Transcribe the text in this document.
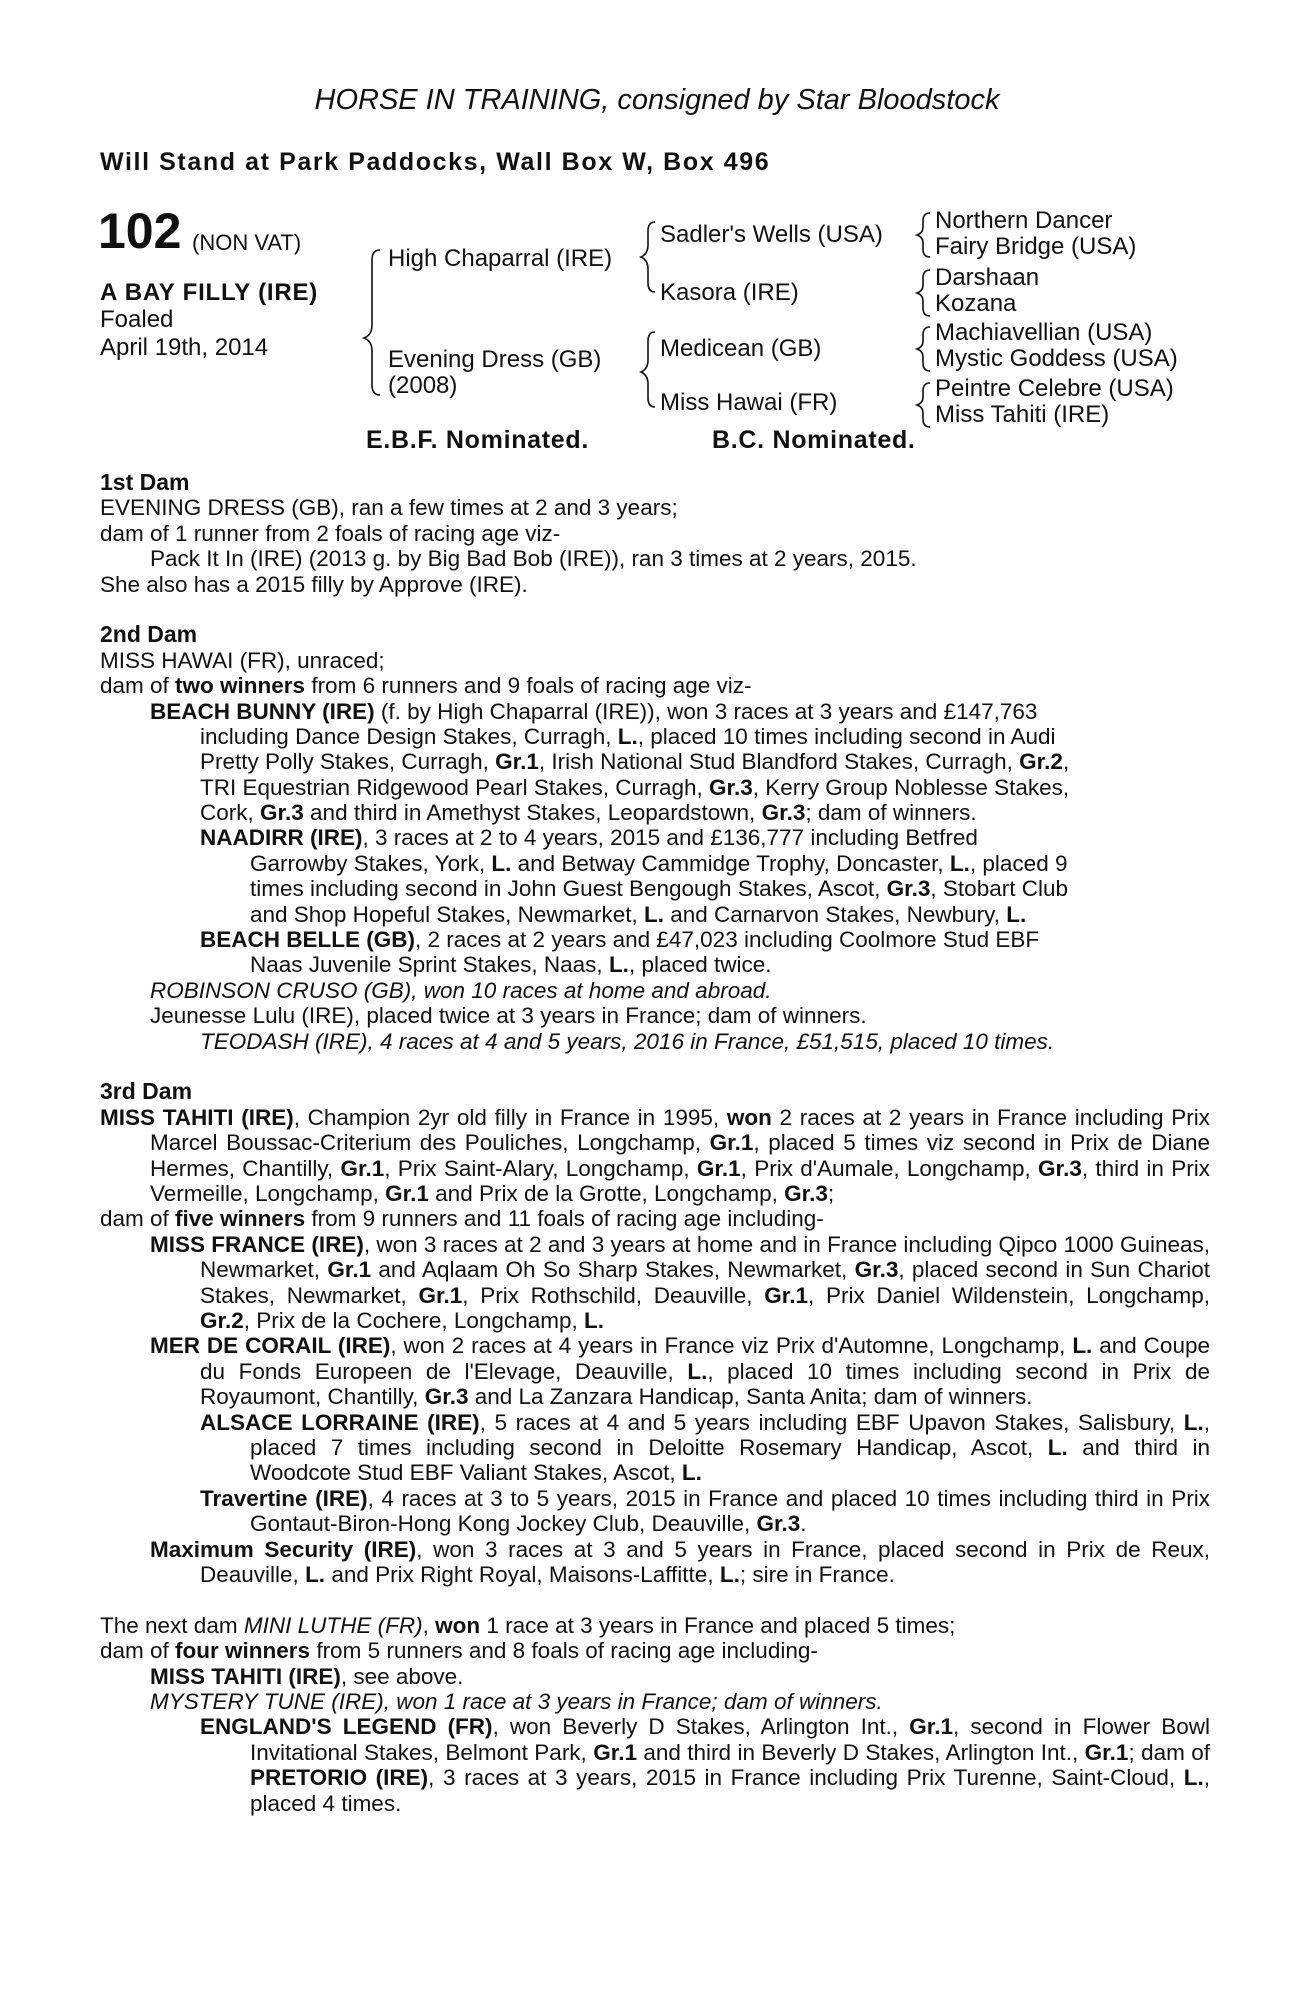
HORSE IN TRAINING, consigned by Star Bloodstock
Will Stand at Park Paddocks, Wall Box W, Box 496
102 (NON VAT)
A BAY FILLY (IRE)
Foaled
April 19th, 2014
High Chaparral (IRE)
Evening Dress (GB)
(2008)
Sadler's Wells (USA)
Kasora (IRE)
Medicean (GB)
Miss Hawai (FR)
Northern Dancer
Fairy Bridge (USA)
Darshaan
Kozana
Machiavellian (USA)
Mystic Goddess (USA)
Peintre Celebre (USA)
Miss Tahiti (IRE)
E.B.F. Nominated.	B.C. Nominated.
1st Dam
EVENING DRESS (GB), ran a few times at 2 and 3 years;
dam of 1 runner from 2 foals of racing age viz-
Pack It In (IRE) (2013 g. by Big Bad Bob (IRE)), ran 3 times at 2 years, 2015.
She also has a 2015 filly by Approve (IRE).
2nd Dam
MISS HAWAI (FR), unraced;
dam of two winners from 6 runners and 9 foals of racing age viz-
BEACH BUNNY (IRE) (f. by High Chaparral (IRE)), won 3 races at 3 years and £147,763
including Dance Design Stakes, Curragh, L., placed 10 times including second in Audi
Pretty Polly Stakes, Curragh, Gr.1, Irish National Stud Blandford Stakes, Curragh, Gr.2,
TRI Equestrian Ridgewood Pearl Stakes, Curragh, Gr.3, Kerry Group Noblesse Stakes,
Cork, Gr.3 and third in Amethyst Stakes, Leopardstown, Gr.3; dam of winners.
NAADIRR (IRE), 3 races at 2 to 4 years, 2015 and £136,777 including Betfred
Garrowby Stakes, York, L. and Betway Cammidge Trophy, Doncaster, L., placed 9
times including second in John Guest Bengough Stakes, Ascot, Gr.3, Stobart Club
and Shop Hopeful Stakes, Newmarket, L. and Carnarvon Stakes, Newbury, L.
BEACH BELLE (GB), 2 races at 2 years and £47,023 including Coolmore Stud EBF
Naas Juvenile Sprint Stakes, Naas, L., placed twice.
ROBINSON CRUSO (GB), won 10 races at home and abroad.
Jeunesse Lulu (IRE), placed twice at 3 years in France; dam of winners.
TEODASH (IRE), 4 races at 4 and 5 years, 2016 in France, £51,515, placed 10 times.
3rd Dam
MISS TAHITI (IRE), Champion 2yr old filly in France in 1995, won 2 races at 2 years in France including Prix Marcel Boussac-Criterium des Pouliches, Longchamp, Gr.1, placed 5 times viz second in Prix de Diane Hermes, Chantilly, Gr.1, Prix Saint-Alary, Longchamp, Gr.1, Prix d'Aumale, Longchamp, Gr.3, third in Prix Vermeille, Longchamp, Gr.1 and Prix de la Grotte, Longchamp, Gr.3;
dam of five winners from 9 runners and 11 foals of racing age including-
MISS FRANCE (IRE), won 3 races at 2 and 3 years at home and in France including Qipco 1000 Guineas, Newmarket, Gr.1 and Aqlaam Oh So Sharp Stakes, Newmarket, Gr.3, placed second in Sun Chariot Stakes, Newmarket, Gr.1, Prix Rothschild, Deauville, Gr.1, Prix Daniel Wildenstein, Longchamp, Gr.2, Prix de la Cochere, Longchamp, L.
MER DE CORAIL (IRE), won 2 races at 4 years in France viz Prix d'Automne, Longchamp, L. and Coupe du Fonds Europeen de l'Elevage, Deauville, L., placed 10 times including second in Prix de Royaumont, Chantilly, Gr.3 and La Zanzara Handicap, Santa Anita; dam of winners.
ALSACE LORRAINE (IRE), 5 races at 4 and 5 years including EBF Upavon Stakes, Salisbury, L., placed 7 times including second in Deloitte Rosemary Handicap, Ascot, L. and third in Woodcote Stud EBF Valiant Stakes, Ascot, L.
Travertine (IRE), 4 races at 3 to 5 years, 2015 in France and placed 10 times including third in Prix Gontaut-Biron-Hong Kong Jockey Club, Deauville, Gr.3.
Maximum Security (IRE), won 3 races at 3 and 5 years in France, placed second in Prix de Reux, Deauville, L. and Prix Right Royal, Maisons-Laffitte, L.; sire in France.
The next dam MINI LUTHE (FR), won 1 race at 3 years in France and placed 5 times;
dam of four winners from 5 runners and 8 foals of racing age including-
MISS TAHITI (IRE), see above.
MYSTERY TUNE (IRE), won 1 race at 3 years in France; dam of winners.
ENGLAND'S LEGEND (FR), won Beverly D Stakes, Arlington Int., Gr.1, second in Flower Bowl Invitational Stakes, Belmont Park, Gr.1 and third in Beverly D Stakes, Arlington Int., Gr.1; dam of PRETORIO (IRE), 3 races at 3 years, 2015 in France including Prix Turenne, Saint-Cloud, L., placed 4 times.
